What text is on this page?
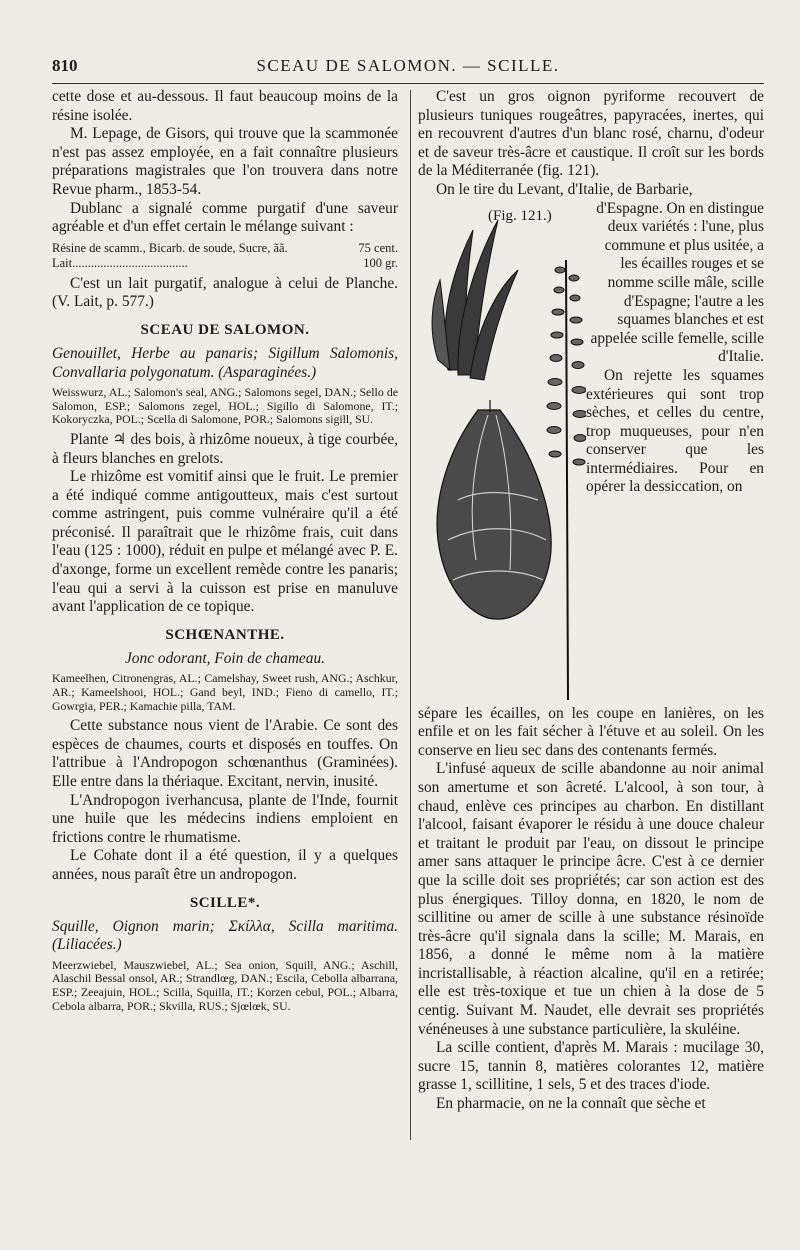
810	SCEAU DE SALOMON. — SCILLE.

cette dose et au-dessous. Il faut beaucoup moins de la résine isolée.

M. Lepage, de Gisors, qui trouve que la scammonée n'est pas assez employée, en a fait connaître plusieurs préparations magistrales que l'on trouvera dans notre Revue pharm., 1853-54.

Dublanc a signalé comme purgatif d'une saveur agréable et d'un effet certain le mélange suivant :

Résine de scamm., Bicarb. de soude, Sucre, ãã.	75 cent.
Lait.....................................	100 gr.

C'est un lait purgatif, analogue à celui de Planche. (V. Lait, p. 577.)

SCEAU DE SALOMON.

Genouillet, Herbe au panaris; Sigillum Salomonis, Convallaria polygonatum. (Asparaginées.)

Weisswurz, AL.; Salomon's seal, ANG.; Salomons segel, DAN.; Sello de Salomon, ESP.; Salomons zegel, HOL.; Sigillo di Salomone, IT.; Kokoryczka, POL.; Scella di Salomone, POR.; Salomons sigill, SU.

Plante ♃ des bois, à rhizôme noueux, à tige courbée, à fleurs blanches en grelots.

Le rhizôme est vomitif ainsi que le fruit. Le premier a été indiqué comme antigoutteux, mais c'est surtout comme astringent, puis comme vulnéraire qu'il a été préconisé. Il paraîtrait que le rhizôme frais, cuit dans l'eau (125 : 1000), réduit en pulpe et mélangé avec P. E. d'axonge, forme un excellent remède contre les panaris; l'eau qui a servi à la cuisson est prise en manuluve avant l'application de ce topique.

SCHŒNANTHE.
Jonc odorant, Foin de chameau.
Kameelhen, Citronengras, AL.; Camelshay, Sweet rush, ANG.; Aschkur, AR.; Kameelshooi, HOL.; Gand beyl, IND.; Fieno di camello, IT.; Gowrgia, PER.; Kamachie pilla, TAM.

Cette substance nous vient de l'Arabie. Ce sont des espèces de chaumes, courts et disposés en touffes. On l'attribue à l'Andropogon schœnanthus (Graminées). Elle entre dans la thériaque. Excitant, nervin, inusité.

L'Andropogon iverhancusa, plante de l'Inde, fournit une huile que les médecins indiens emploient en frictions contre le rhumatisme.

Le Cohate dont il a été question, il y a quelques années, nous paraît être un andropogon.

SCILLE*.

Squille, Oignon marin; Σκίλλα, Scilla maritima. (Liliacées.)

Meerzwiebel, Mauszwiebel, AL.; Sea onion, Squill, ANG.; Aschill, Alaschil Bessal onsol, AR.; Strandlœg, DAN.; Escila, Cebolla albarrana, ESP.; Zeeajuin, HOL.; Scilla, Squilla, IT.; Korzen cebul, POL.; Albarra, Cebola albarra, POR.; Skvilla, RUS.; Sjœlœk, SU.

C'est un gros oignon pyriforme recouvert de plusieurs tuniques rougeâtres, papyracées, inertes, qui en recouvrent d'autres d'un blanc rosé, charnu, d'odeur et de saveur très-âcre et caustique. Il croît sur les bords de la Méditerranée (fig. 121).

On le tire du Levant, d'Italie, de Barbarie,

(Fig. 121.)	d'Espagne. On en distingue deux variétés : l'une, plus commune et plus usitée, a les écailles rouges et se nomme scille mâle, scille d'Espagne; l'autre a les squames blanches et est appelée scille femelle, scille d'Italie.

On rejette les squames extérieures qui sont trop sèches, et celles du centre, trop muqueuses, pour n'en conserver que les intermédiaires. Pour en opérer la dessiccation, on

sépare les écailles, on les coupe en lanières, on les enfile et on les fait sécher à l'étuve et au soleil. On les conserve en lieu sec dans des contenants fermés.

L'infusé aqueux de scille abandonne au noir animal son amertume et son âcreté. L'alcool, à son tour, à chaud, enlève ces principes au charbon. En distillant l'alcool, faisant évaporer le résidu à une douce chaleur et traitant le produit par l'eau, on dissout le principe amer sans attaquer le principe âcre. C'est à ce dernier que la scille doit ses propriétés; car son action est des plus énergiques. Tilloy donna, en 1820, le nom de scillitine ou amer de scille à une substance résinoïde très-âcre qu'il signala dans la scille; M. Marais, en 1856, a donné le même nom à la matière incristallisable, à réaction alcaline, qu'il en a retirée; elle est très-toxique et tue un chien à la dose de 5 centig. Suivant M. Naudet, elle devrait ses propriétés vénéneuses à une substance particulière, la skuléine.

La scille contient, d'après M. Marais : mucilage 30, sucre 15, tannin 8, matières colorantes 12, matière grasse 1, scillitine, 1 sels, 5 et des traces d'iode.

En pharmacie, on ne la connaît que sèche et
